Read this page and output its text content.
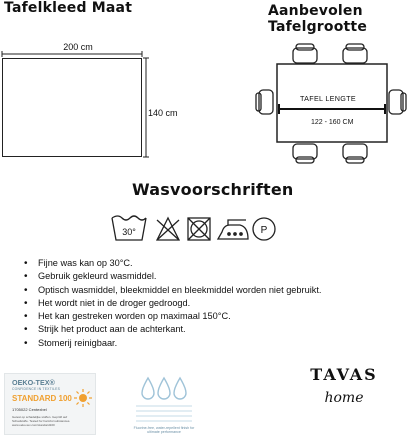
Tafelkleed Maat
200 cm
140 cm
Aanbevolen Tafelgrootte
TAFEL LENGTE
122 - 160 CM
Wasvoorschriften
30°	P
• Fijne was kan op 30°C.
• Gebruik gekleurd wasmiddel.
• Optisch wasmiddel, bleekmiddel en bleekmiddel worden niet gebruikt.
• Het wordt niet in de droger gedroogd.
• Het kan gestreken worden op maximaal 150°C.
• Strijk het product aan de achterkant.
• Stomerij reinigbaar.
OEKO-TEX®
CONFIDENCE IN TEXTILES
STANDARD 100
1705022 Centexbel
Getest op schadelijke stoffen. Geprüft auf Schadstoffe. Tested for harmful substances. www.oeko-tex.com/standard100
Fluorine-free, water-repellent finish for ultimate performance
TAVAS
home
